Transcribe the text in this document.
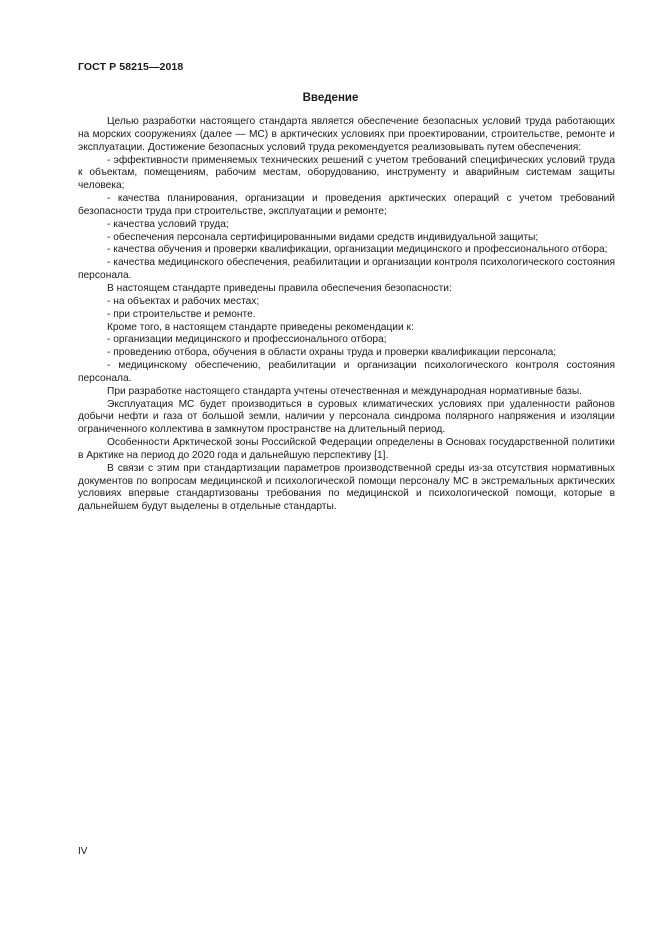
ГОСТ Р 58215—2018
Введение

Целью разработки настоящего стандарта является обеспечение безопасных условий труда работающих на морских сооружениях (далее — МС) в арктических условиях при проектировании, строительстве, ремонте и эксплуатации. Достижение безопасных условий труда рекомендуется реализовывать путем обеспечения:

- эффективности применяемых технических решений с учетом требований специфических условий труда к объектам, помещениям, рабочим местам, оборудованию, инструменту и аварийным системам защиты человека;

- качества планирования, организации и проведения арктических операций с учетом требований безопасности труда при строительстве, эксплуатации и ремонте;

- качества условий труда;

- обеспечения персонала сертифицированными видами средств индивидуальной защиты;

- качества обучения и проверки квалификации, организации медицинского и профессионального отбора;

- качества медицинского обеспечения, реабилитации и организации контроля психологического состояния персонала.

В настоящем стандарте приведены правила обеспечения безопасности:

- на объектах и рабочих местах;

- при строительстве и ремонте.

Кроме того, в настоящем стандарте приведены рекомендации к:

- организации медицинского и профессионального отбора;

- проведению отбора, обучения в области охраны труда и проверки квалификации персонала;

- медицинскому обеспечению, реабилитации и организации психологического контроля состояния персонала.

При разработке настоящего стандарта учтены отечественная и международная нормативные базы.

Эксплуатация МС будет производиться в суровых климатических условиях при удаленности районов добычи нефти и газа от большой земли, наличии у персонала синдрома полярного напряжения и изоляции ограниченного коллектива в замкнутом пространстве на длительный период.

Особенности Арктической зоны Российской Федерации определены в Основах государственной политики в Арктике на период до 2020 года и дальнейшую перспективу [1].

В связи с этим при стандартизации параметров производственной среды из-за отсутствия нормативных документов по вопросам медицинской и психологической помощи персоналу МС в экстремальных арктических условиях впервые стандартизованы требования по медицинской и психологической помощи, которые в дальнейшем будут выделены в отдельные стандарты.

IV
